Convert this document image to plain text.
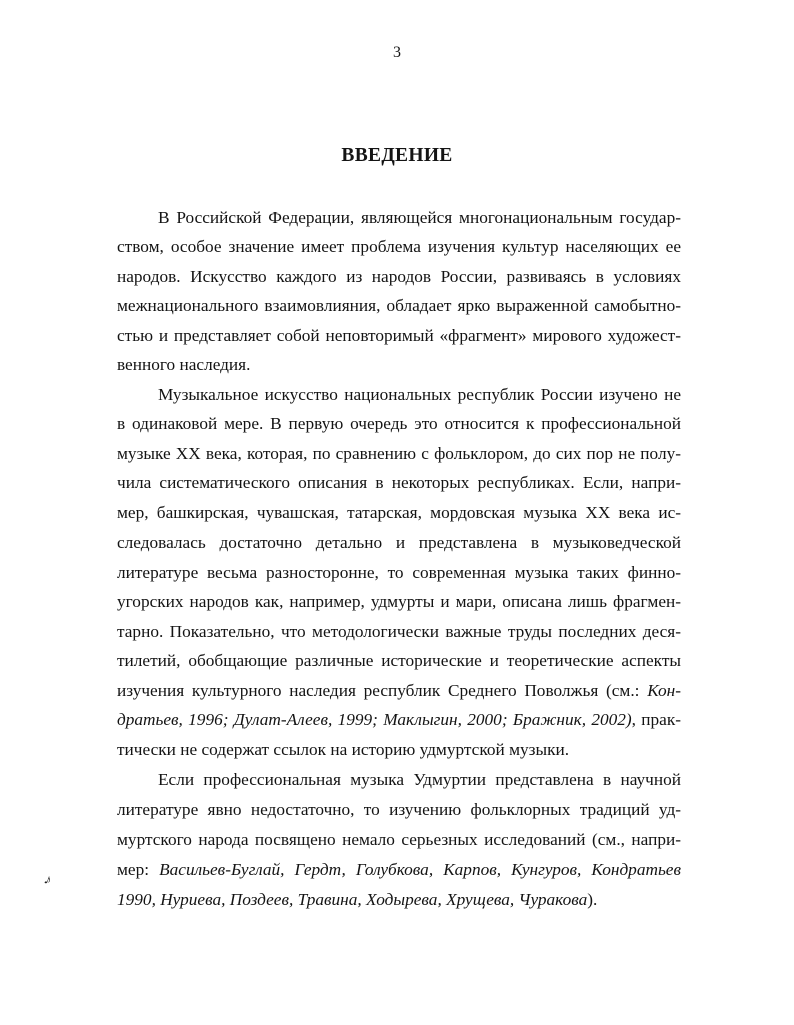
3
ВВЕДЕНИЕ
В Российской Федерации, являющейся многонациональным государ-
ством, особое значение имеет проблема изучения культур населяющих ее
народов. Искусство каждого из народов России, развиваясь в условиях
межнационального взаимовлияния, обладает ярко выраженной самобытно-
стью и представляет собой неповторимый «фрагмент» мирового художест-
венного наследия.
Музыкальное искусство национальных республик России изучено не
в одинаковой мере. В первую очередь это относится к профессиональной
музыке XX века, которая, по сравнению с фольклором, до сих пор не полу-
чила систематического описания в некоторых республиках. Если, напри-
мер, башкирская, чувашская, татарская, мордовская музыка XX века ис-
следовалась достаточно детально и представлена в музыковедческой
литературе весьма разносторонне, то современная музыка таких финно-
угорских народов как, например, удмурты и мари, описана лишь фрагмен-
тарно. Показательно, что методологически важные труды последних деся-
тилетий, обобщающие различные исторические и теоретические аспекты
изучения культурного наследия республик Среднего Поволжья (см.: Кон-
дратьев, 1996; Дулат-Алеев, 1999; Маклыгин, 2000; Бражник, 2002), прак-
тически не содержат ссылок на историю удмуртской музыки.
Если профессиональная музыка Удмуртии представлена в научной
литературе явно недостаточно, то изучению фольклорных традиций уд-
муртского народа посвящено немало серьезных исследований (см., напри-
мер: Васильев-Буглай, Гердт, Голубкова, Карпов, Кунгуров, Кондратьев
1990, Нуриева, Поздеев, Травина, Ходырева, Хрущева, Чуракова).
♪
